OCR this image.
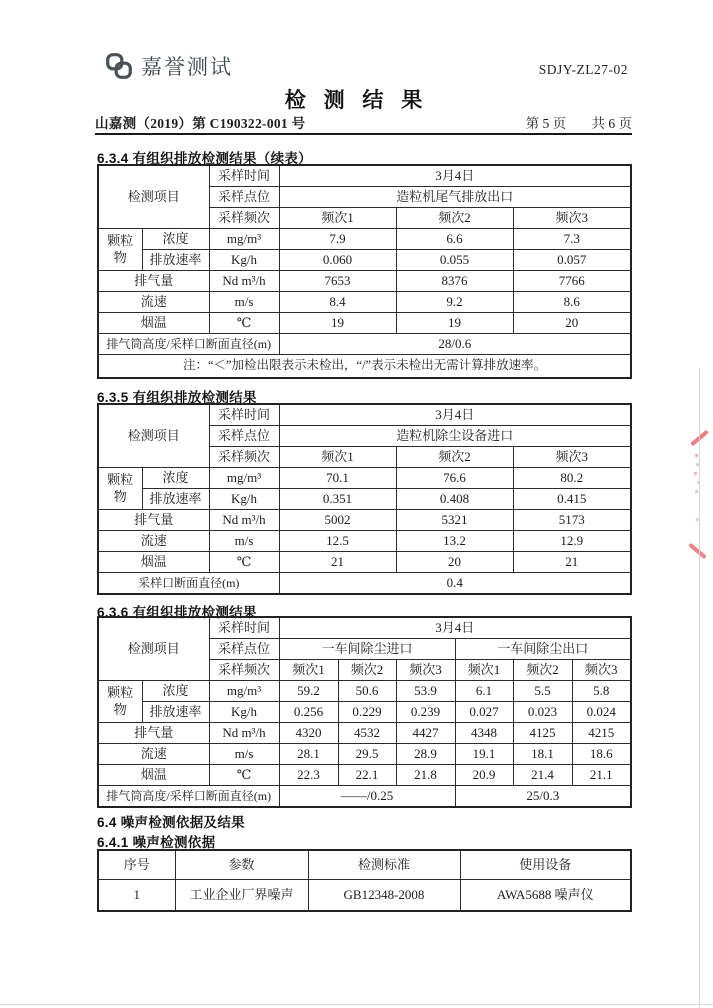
嘉誉测试	SDJY-ZL27-02
检 测 结 果
山嘉测（2019）第 C190322-001 号	第 5 页 共 6 页
6.3.4 有组织排放检测结果（续表）
检测项目		采样时间	3月4日		
		采样点位	造粒机尾气排放出口		
		采样频次	频次1	频次2	频次3
颗粒物	浓度	mg/m³	7.9	6.6	7.3
	排放速率	Kg/h	0.060	0.055	0.057
排气量		Nd m³/h	7653	8376	7766
流速		m/s	8.4	9.2	8.6
烟温		℃	19	19	20
排气筒高度/采样口断面直径(m)			28/0.6		
注：“＜”加检出限表示未检出，“/”表示未检出无需计算排放速率。					
6.3.5 有组织排放检测结果
检测项目		采样时间	3月4日		
		采样点位	造粒机除尘设备进口		
		采样频次	频次1	频次2	频次3
颗粒物	浓度	mg/m³	70.1	76.6	80.2
	排放速率	Kg/h	0.351	0.408	0.415
排气量		Nd m³/h	5002	5321	5173
流速		m/s	12.5	13.2	12.9
烟温		℃	21	20	21
采样口断面直径(m)			0.4		
6.3.6 有组织排放检测结果
检测项目		采样时间	3月4日					
		采样点位	一车间除尘进口			一车间除尘出口		
		采样频次	频次1	频次2	频次3	频次1	频次2	频次3
颗粒物	浓度	mg/m³	59.2	50.6	53.9	6.1	5.5	5.8
	排放速率	Kg/h	0.256	0.229	0.239	0.027	0.023	0.024
排气量		Nd m³/h	4320	4532	4427	4348	4125	4215
流速		m/s	28.1	29.5	28.9	19.1	18.1	18.6
烟温		℃	22.3	22.1	21.8	20.9	21.4	21.1
排气筒高度/采样口断面直径(m)			——/0.25			25/0.3		
6.4 噪声检测依据及结果
6.4.1 噪声检测依据
序号	参数	检测标准	使用设备
1	工业企业厂界噪声	GB12348-2008	AWA5688 噪声仪
